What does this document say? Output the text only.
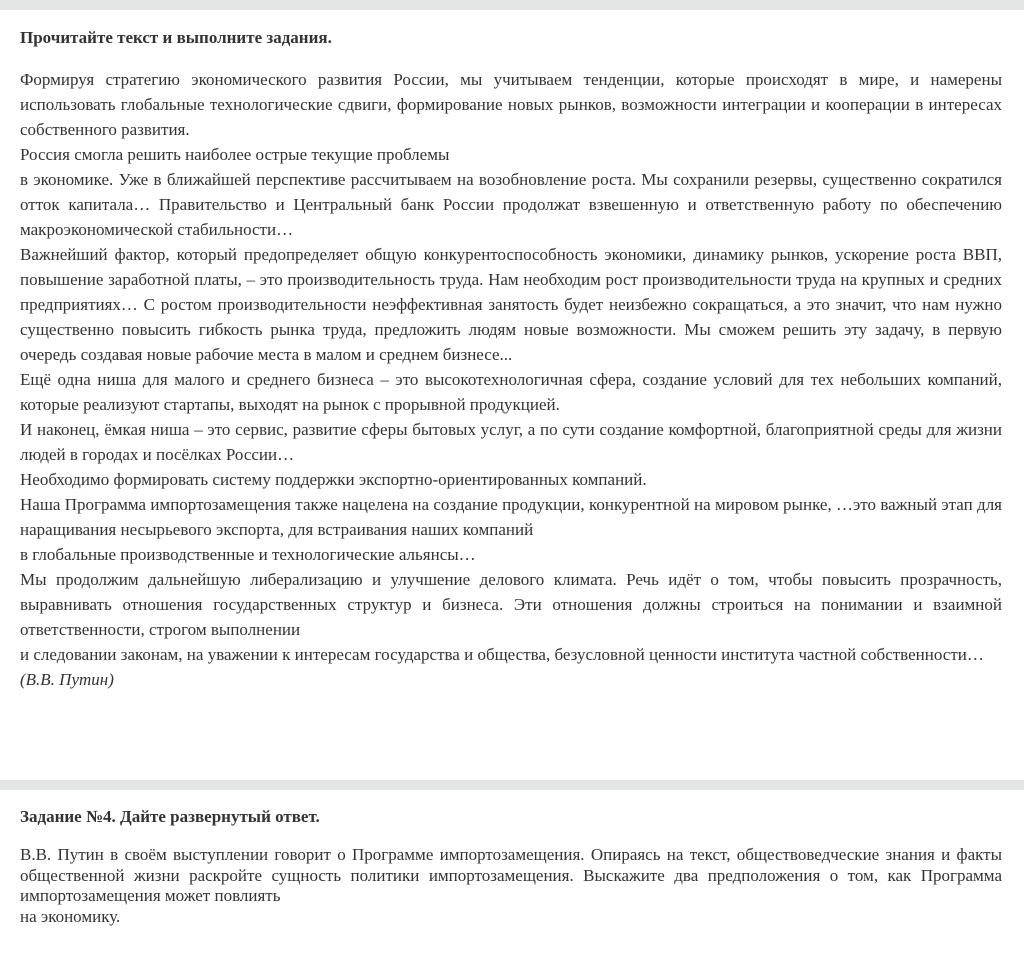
Прочитайте текст и выполните задания.

Формируя стратегию экономического развития России, мы учитываем тенденции, которые происходят в мире, и намерены использовать глобальные технологические сдвиги, формирование новых рынков, возможности интеграции и кооперации в интересах собственного развития.

Россия смогла решить наиболее острые текущие проблемы

в экономике. Уже в ближайшей перспективе рассчитываем на возобновление роста. Мы сохранили резервы, существенно сократился отток капитала… Правительство и Центральный банк России продолжат взвешенную и ответственную работу по обеспечению макроэкономической стабильности…

Важнейший фактор, который предопределяет общую конкурентоспособность экономики, динамику рынков, ускорение роста ВВП, повышение заработной платы, – это производительность труда. Нам необходим рост производительности труда на крупных и средних предприятиях… С ростом производительности неэффективная занятость будет неизбежно сокращаться, а это значит, что нам нужно существенно повысить гибкость рынка труда, предложить людям новые возможности. Мы сможем решить эту задачу, в первую очередь создавая новые рабочие места в малом и среднем бизнесе...

Ещё одна ниша для малого и среднего бизнеса – это высокотехнологичная сфера, создание условий для тех небольших компаний, которые реализуют стартапы, выходят на рынок с прорывной продукцией.

И наконец, ёмкая ниша – это сервис, развитие сферы бытовых услуг, а по сути создание комфортной, благоприятной среды для жизни людей в городах и посёлках России…

Необходимо формировать систему поддержки экспортно-ориентированных компаний.

Наша Программа импортозамещения также нацелена на создание продукции, конкурентной на мировом рынке, …это важный этап для наращивания несырьевого экспорта, для встраивания наших компаний

в глобальные производственные и технологические альянсы…

Мы продолжим дальнейшую либерализацию и улучшение делового климата. Речь идёт о том, чтобы повысить прозрачность, выравнивать отношения государственных структур и бизнеса. Эти отношения должны строиться на понимании и взаимной ответственности, строгом выполнении

и следовании законам, на уважении к интересам государства и общества, безусловной ценности института частной собственности…

(В.В. Путин)

Задание №4. Дайте развернутый ответ.

В.В. Путин в своём выступлении говорит о Программе импортозамещения. Опираясь на текст, обществоведческие знания и факты общественной жизни раскройте сущность политики импортозамещения. Выскажите два предположения о том, как Программа импортозамещения может повлиять

на экономику.
